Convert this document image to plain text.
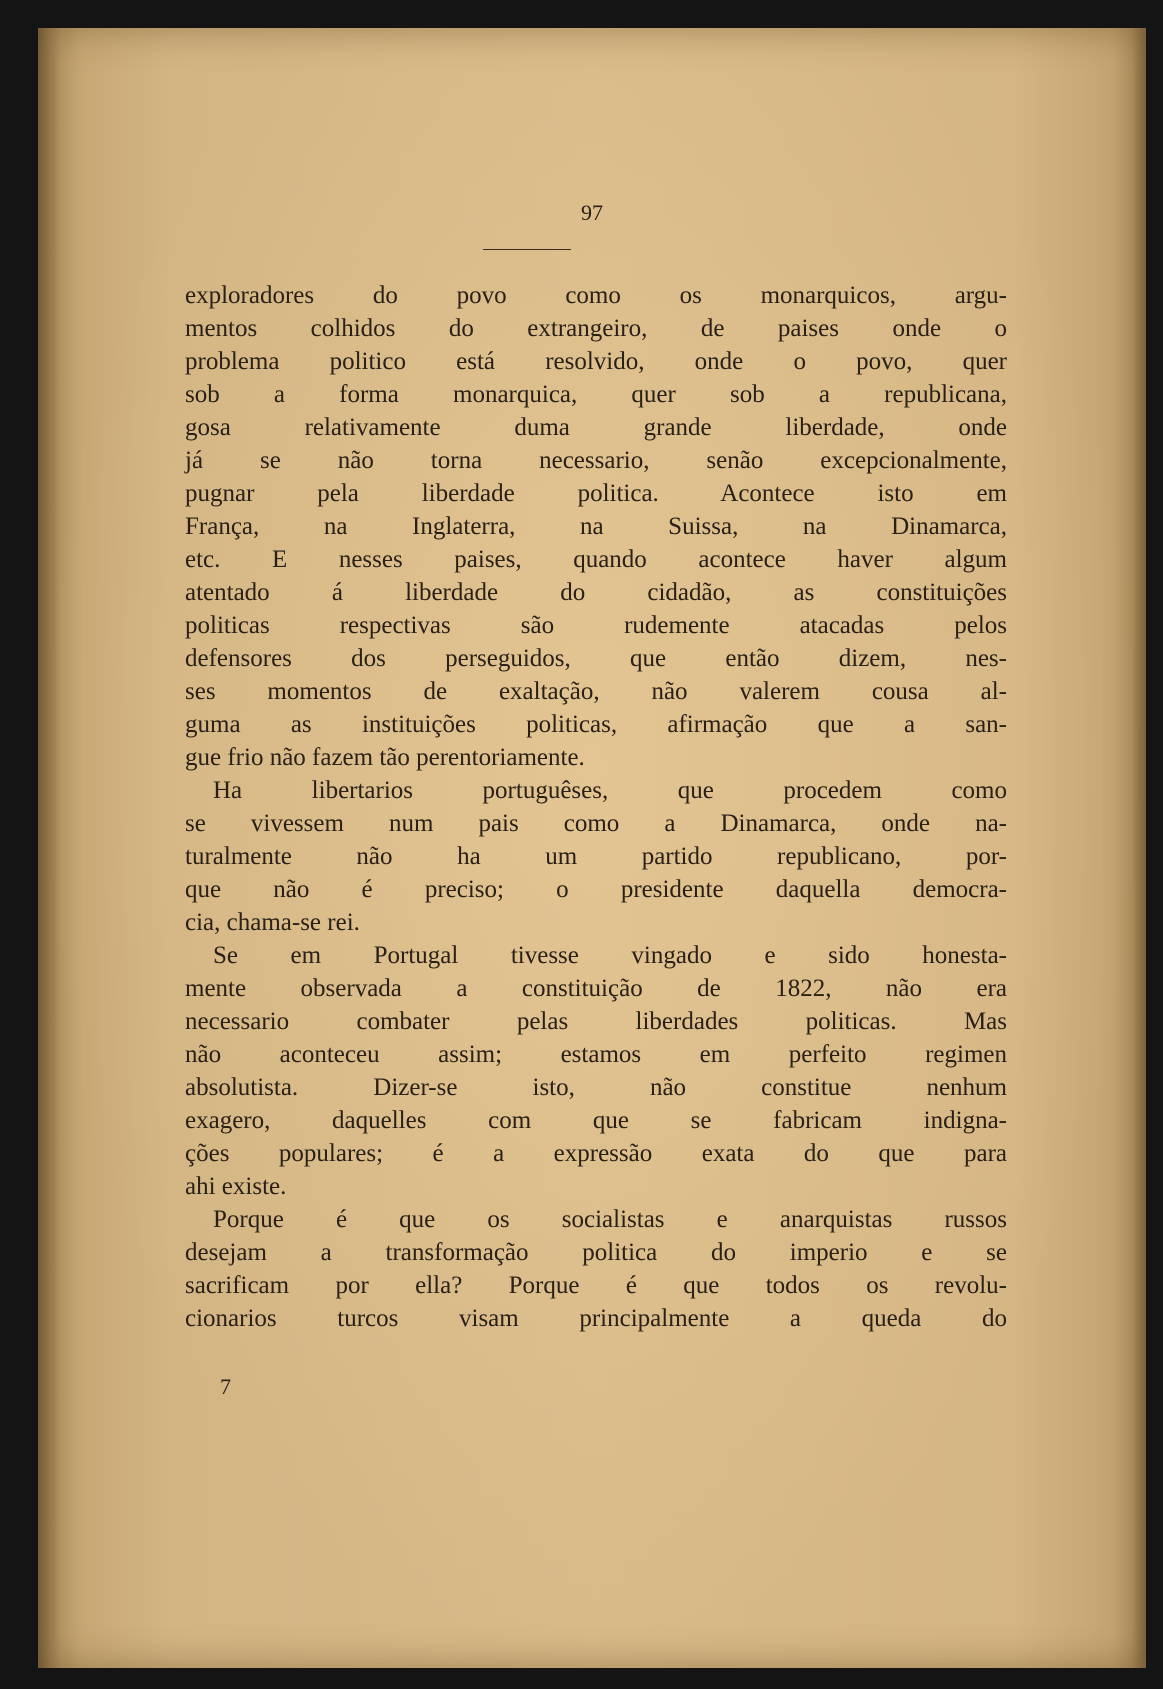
97
exploradores do povo como os monarquicos, argu-
mentos colhidos do extrangeiro, de paises onde o
problema politico está resolvido, onde o povo, quer
sob a forma monarquica, quer sob a republicana,
gosa relativamente duma grande liberdade, onde
já se não torna necessario, senão excepcionalmente,
pugnar pela liberdade politica. Acontece isto em
França, na Inglaterra, na Suissa, na Dinamarca,
etc. E nesses paises, quando acontece haver algum
atentado á liberdade do cidadão, as constituições
politicas respectivas são rudemente atacadas pelos
defensores dos perseguidos, que então dizem, nes-
ses momentos de exaltação, não valerem cousa al-
guma as instituições politicas, afirmação que a san-
gue frio não fazem tão perentoriamente.
Ha libertarios portuguêses, que procedem como
se vivessem num pais como a Dinamarca, onde na-
turalmente não ha um partido republicano, por-
que não é preciso; o presidente daquella democra-
cia, chama-se rei.
Se em Portugal tivesse vingado e sido honesta-
mente observada a constituição de 1822, não era
necessario combater pelas liberdades politicas. Mas
não aconteceu assim; estamos em perfeito regimen
absolutista. Dizer-se isto, não constitue nenhum
exagero, daquelles com que se fabricam indigna-
ções populares; é a expressão exata do que para
ahi existe.
Porque é que os socialistas e anarquistas russos
desejam a transformação politica do imperio e se
sacrificam por ella? Porque é que todos os revolu-
cionarios turcos visam principalmente a queda do
7
